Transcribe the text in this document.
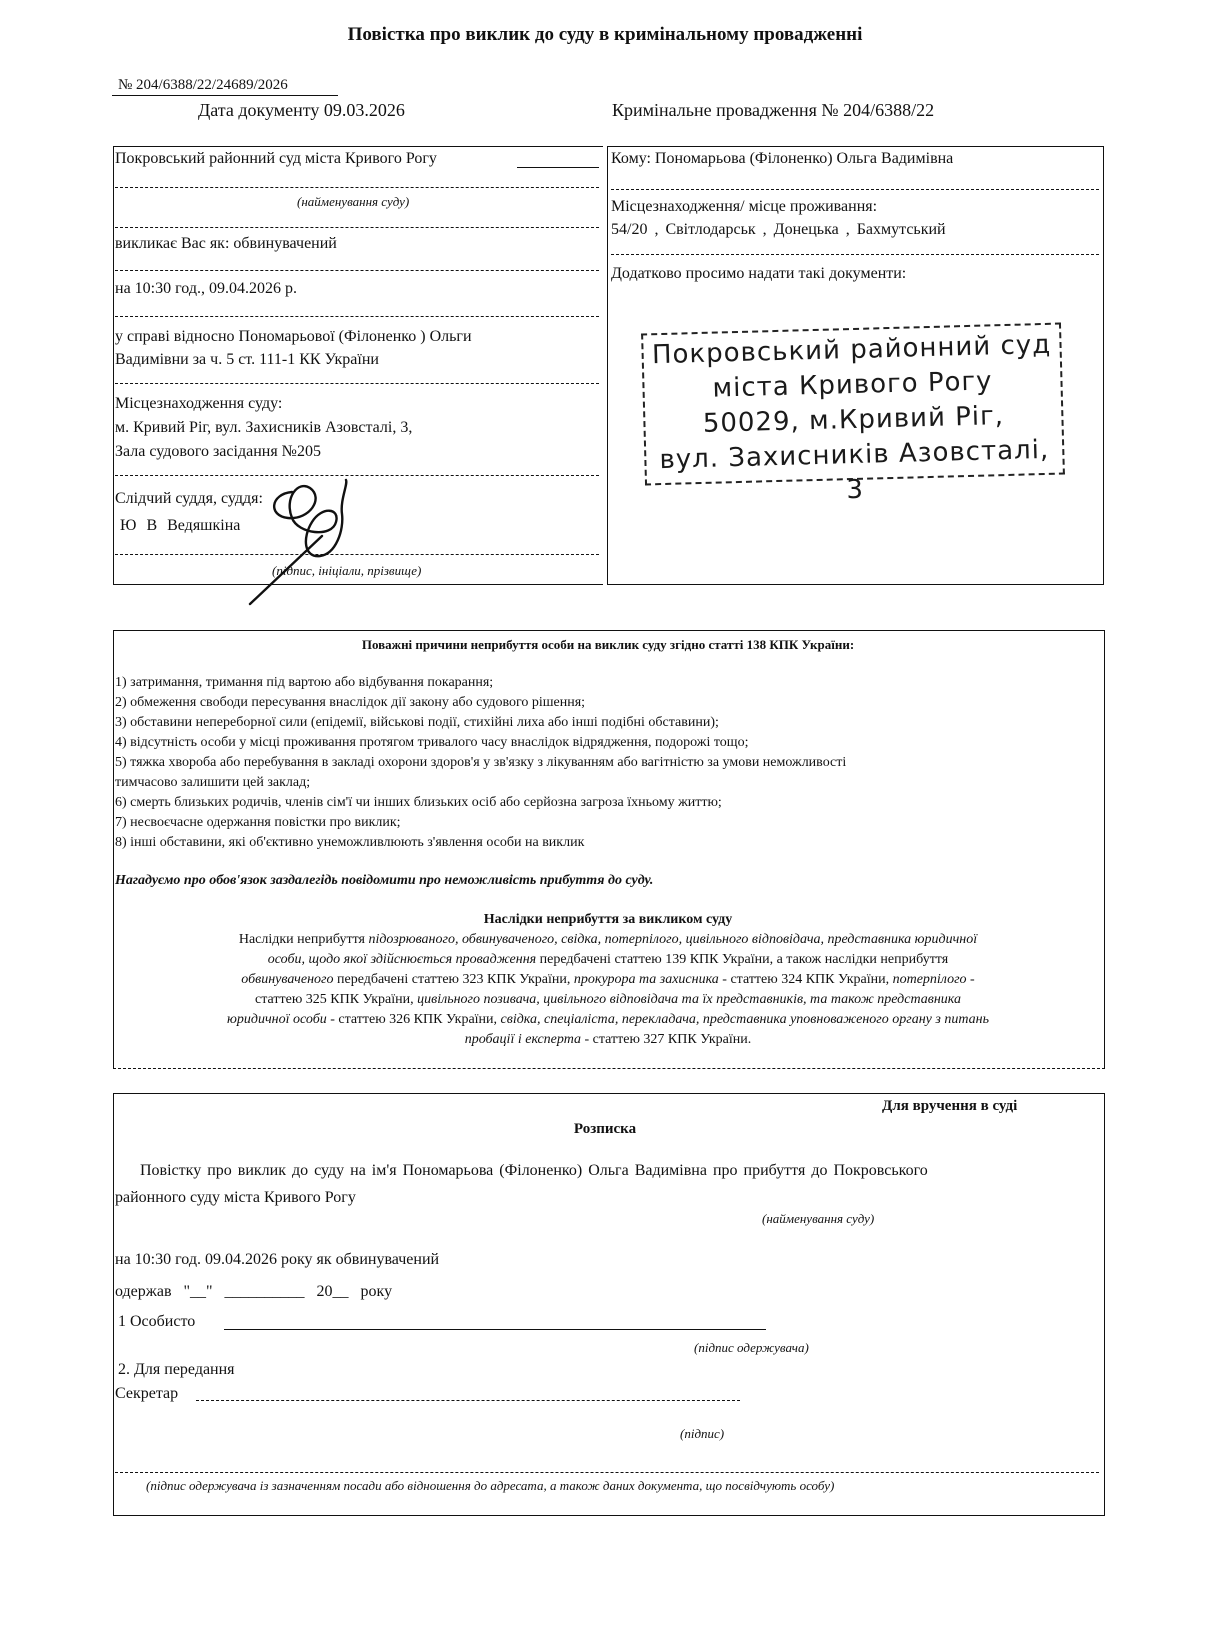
Повістка про виклик до суду в кримінальному провадженні
№ 204/6388/22/24689/2026
Дата документу 09.03.2026	Кримінальне провадження № 204/6388/22
Покровський районний суд міста Кривого Рогу
(найменування суду)
викликає Вас як: обвинувачений
на 10:30 год., 09.04.2026 р.
у справі відносно Пономарьової (Філоненко ) Ольги
Вадимівни за ч. 5 ст. 111-1 КК України
Місцезнаходження суду:
м. Кривий Ріг, вул. Захисників Азовсталі, 3,
Зала судового засідання №205
Слідчий суддя, суддя:
Ю В Ведяшкіна
(підпис, ініціали, прізвище)
Кому: Пономарьова (Філоненко) Ольга Вадимівна
Місцезнаходження/ місце проживання:
54/20 , Світлодарськ , Донецька , Бахмутський
Додатково просимо надати такі документи:
Покровський районний суд
міста Кривого Рогу
50029, м.Кривий Ріг,
вул. Захисників Азовсталі, 3
Поважні причини неприбуття особи на виклик суду згідно статті 138 КПК України:
1) затримання, тримання під вартою або відбування покарання;
2) обмеження свободи пересування внаслідок дії закону або судового рішення;
3) обставини непереборної сили (епідемії, військові події, стихійні лиха або інші подібні обставини);
4) відсутність особи у місці проживання протягом тривалого часу внаслідок відрядження, подорожі тощо;
5) тяжка хвороба або перебування в закладі охорони здоров'я у зв'язку з лікуванням або вагітністю за умови неможливості
тимчасово залишити цей заклад;
6) смерть близьких родичів, членів сім'ї чи інших близьких осіб або серйозна загроза їхньому життю;
7) несвоєчасне одержання повістки про виклик;
8) інші обставини, які об'єктивно унеможливлюють з'явлення особи на виклик
Нагадуємо про обов'язок заздалегідь повідомити про неможливість прибуття до суду.
Наслідки неприбуття за викликом суду
Наслідки неприбуття підозрюваного, обвинуваченого, свідка, потерпілого, цивільного відповідача, представника юридичної
особи, щодо якої здійснюється провадження передбачені статтею 139 КПК України, а також наслідки неприбуття
обвинуваченого передбачені статтею 323 КПК України, прокурора та захисника - статтею 324 КПК України, потерпілого -
статтею 325 КПК України, цивільного позивача, цивільного відповідача та їх представників, та також представника
юридичної особи - статтею 326 КПК України, свідка, спеціаліста, перекладача, представника уповноваженого органу з питань
пробації і експерта - статтею 327 КПК України.
Для вручення в суді
Розписка
Повістку про виклик до суду на ім'я Пономарьова (Філоненко) Ольга Вадимівна про прибуття до Покровського
районного суду міста Кривого Рогу
(найменування суду)
на 10:30 год. 09.04.2026 року як обвинувачений
одержав "__" __________ 20__ року
1 Особисто
(підпис одержувача)
2. Для передання
Секретар
(підпис)
(підпис одержувача із зазначенням посади або відношення до адресата, а також даних документа, що посвідчують особу)
